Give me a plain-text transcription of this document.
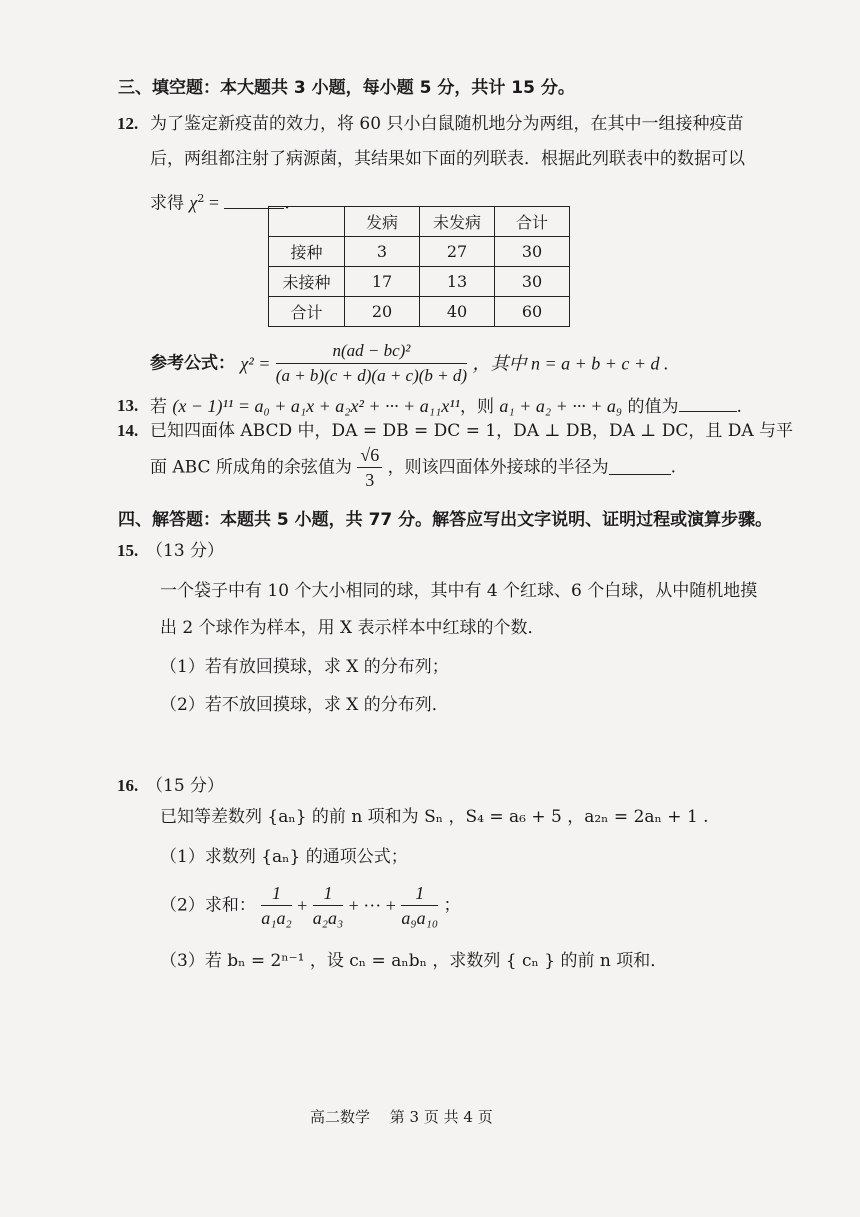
三、填空题：本大题共 3 小题，每小题 5 分，共计 15 分。
12. 为了鉴定新疫苗的效力，将 60 只小白鼠随机地分为两组，在其中一组接种疫苗
后，两组都注射了病源菌，其结果如下面的列联表．根据此列联表中的数据可以
求得 $\chi^2$ =	.
	发病	未发病	合计
接种	3	27	30
未接种	17	13	30
合计	20	40	60
参考公式： $\chi^2 = \frac{\text{n(ad − bc)²}}{(a + b)(c + d)(a + c)(b + d)}$ ，其中 n = a + b + c + d .
13. 若 (x − 1)¹¹ = a₀ + a₁x + a₂x² + ··· + a₁₁x¹¹，则 a₁ + a₂ + ··· + a₉ 的值为	.
14. 已知四面体 ABCD 中，DA = DB = DC = 1，DA ⊥ DB，DA ⊥ DC，且 DA 与平
面 ABC 所成角的余弦值为 $\frac{√6}{3}$ ，则该四面体外接球的半径为	.
四、解答题：本题共 5 小题，共 77 分。解答应写出文字说明、证明过程或演算步骤。
15. （13 分）
一个袋子中有 10 个大小相同的球，其中有 4 个红球、6 个白球，从中随机地摸
出 2 个球作为样本，用 X 表示样本中红球的个数．
（1）若有放回摸球，求 X 的分布列；
（2）若不放回摸球，求 X 的分布列．
16. （15 分）
已知等差数列 {aₙ} 的前 n 项和为 Sₙ ，S₄ = a₆ + 5 ，a₂ₙ = 2aₙ + 1 .
（1）求数列 {aₙ} 的通项公式；
（2）求和： $\frac{1}{\text{a₁a₂}} + \frac{1}{\text{a₂a₃}}$ + ··· + $\frac{1}{\text{a₉a₁₀}}$ ；
（3）若 bₙ = 2ⁿ⁻¹ ，设 cₙ = aₙbₙ ，求数列 { cₙ } 的前 n 项和．
高二数学　 第 3 页 共 4 页
